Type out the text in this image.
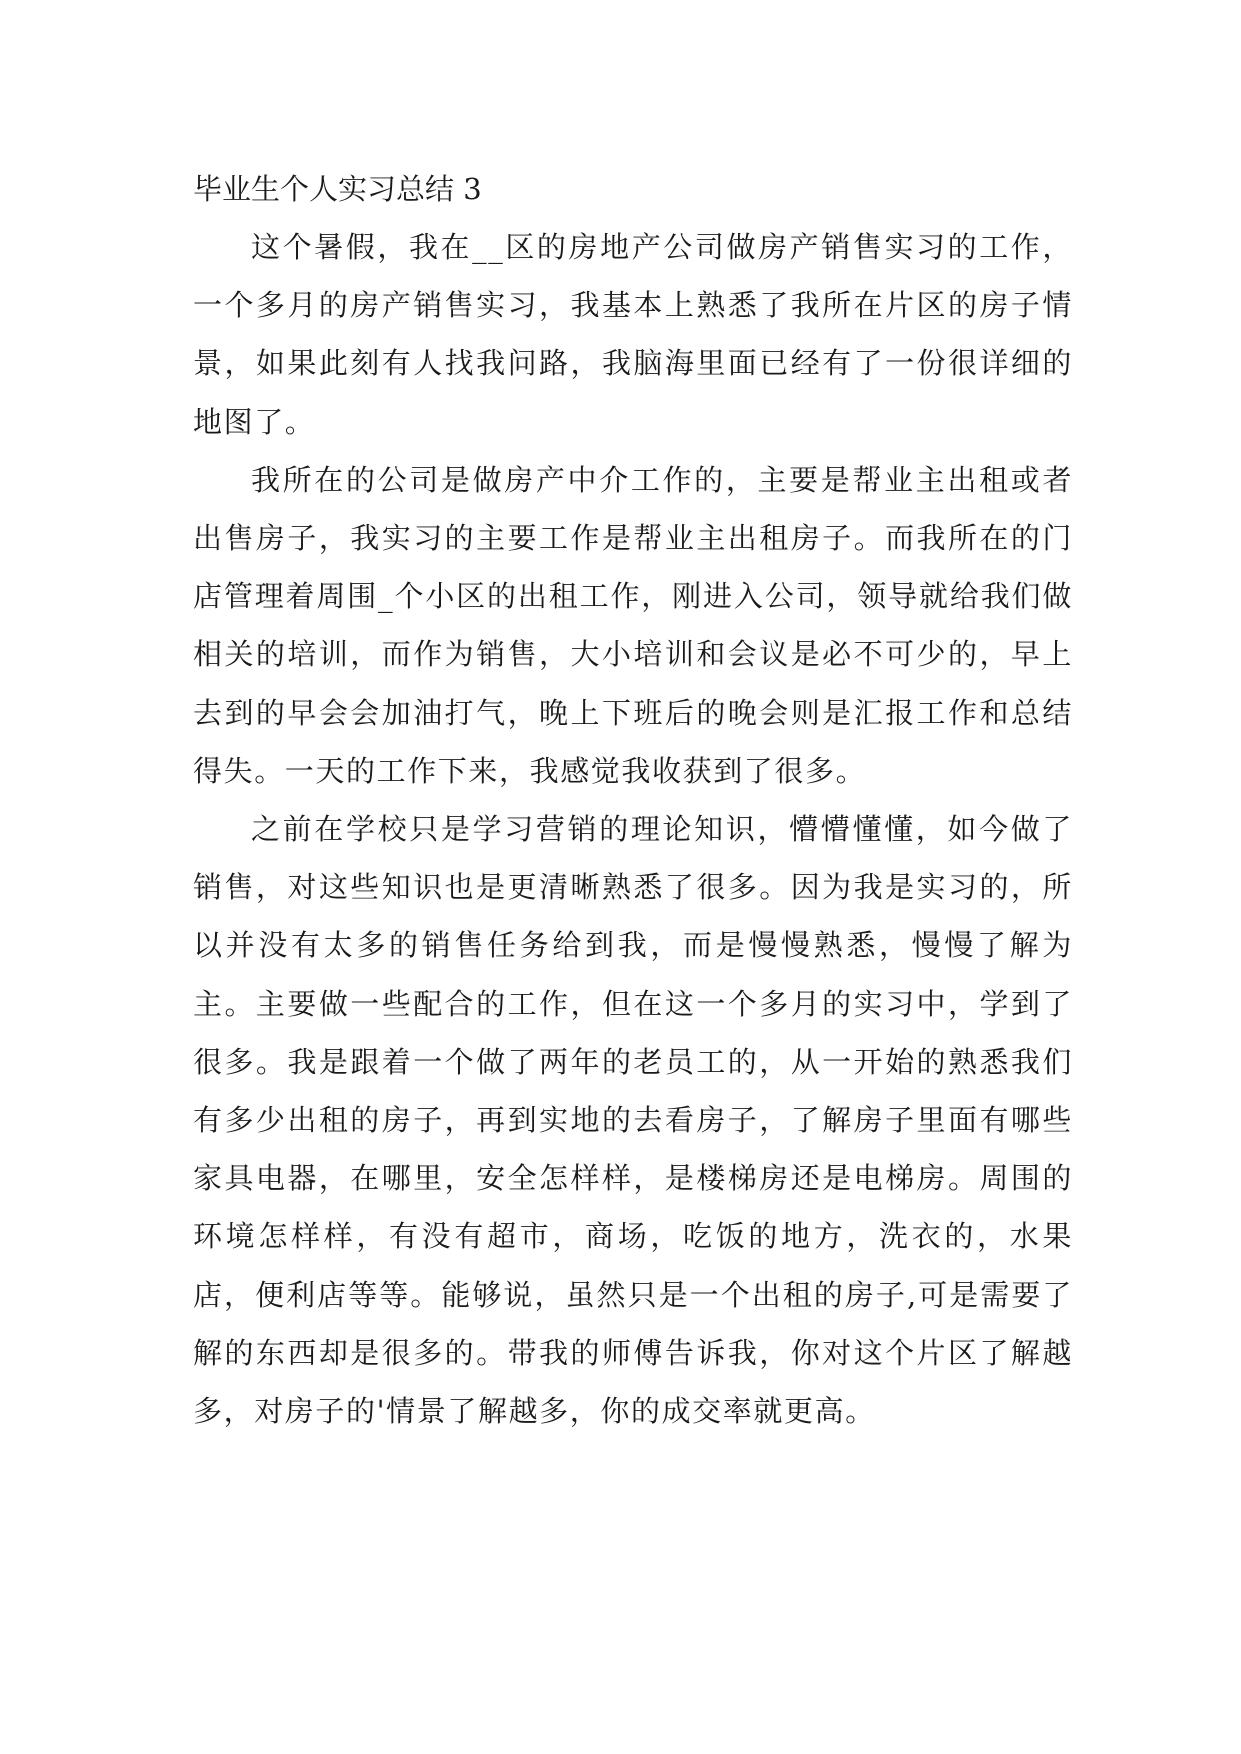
毕业生个人实习总结 3

这个暑假，我在__区的房地产公司做房产销售实习的工作，一个多月的房产销售实习，我基本上熟悉了我所在片区的房子情景，如果此刻有人找我问路，我脑海里面已经有了一份很详细的地图了。

我所在的公司是做房产中介工作的，主要是帮业主出租或者出售房子，我实习的主要工作是帮业主出租房子。而我所在的门店管理着周围_个小区的出租工作，刚进入公司，领导就给我们做相关的培训，而作为销售，大小培训和会议是必不可少的，早上去到的早会会加油打气，晚上下班后的晚会则是汇报工作和总结得失。一天的工作下来，我感觉我收获到了很多。

之前在学校只是学习营销的理论知识，懵懵懂懂，如今做了销售，对这些知识也是更清晰熟悉了很多。因为我是实习的，所以并没有太多的销售任务给到我，而是慢慢熟悉，慢慢了解为主。主要做一些配合的工作，但在这一个多月的实习中，学到了很多。我是跟着一个做了两年的老员工的，从一开始的熟悉我们有多少出租的房子，再到实地的去看房子，了解房子里面有哪些家具电器，在哪里，安全怎样样，是楼梯房还是电梯房。周围的环境怎样样，有没有超市，商场，吃饭的地方，洗衣的，水果店，便利店等等。能够说，虽然只是一个出租的房子,可是需要了解的东西却是很多的。带我的师傅告诉我，你对这个片区了解越多，对房子的'情景了解越多，你的成交率就更高。
